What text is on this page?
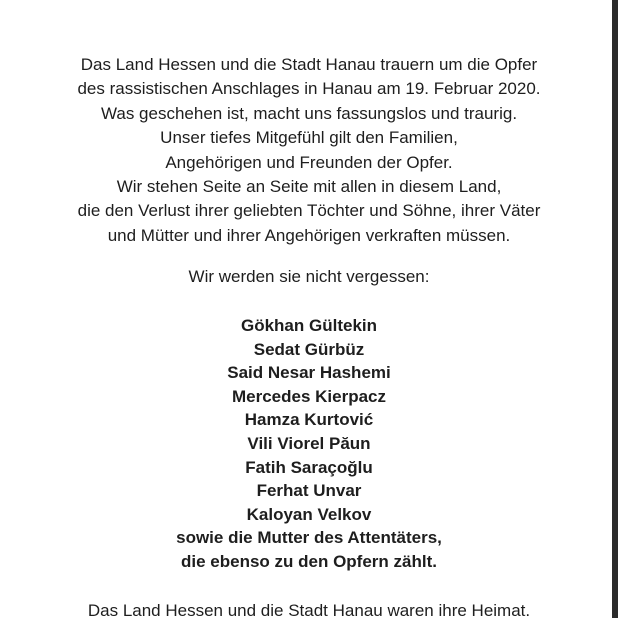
Das Land Hessen und die Stadt Hanau trauern um die Opfer
des rassistischen Anschlages in Hanau am 19. Februar 2020.
Was geschehen ist, macht uns fassungslos und traurig.
Unser tiefes Mitgefühl gilt den Familien,
Angehörigen und Freunden der Opfer.
Wir stehen Seite an Seite mit allen in diesem Land,
die den Verlust ihrer geliebten Töchter und Söhne, ihrer Väter
und Mütter und ihrer Angehörigen verkraften müssen.
Wir werden sie nicht vergessen:
Gökhan Gültekin
Sedat Gürbüz
Said Nesar Hashemi
Mercedes Kierpacz
Hamza Kurtović
Vili Viorel Păun
Fatih Saraçoğlu
Ferhat Unvar
Kaloyan Velkov
sowie die Mutter des Attentäters,
die ebenso zu den Opfern zählt.
Das Land Hessen und die Stadt Hanau waren ihre Heimat.
